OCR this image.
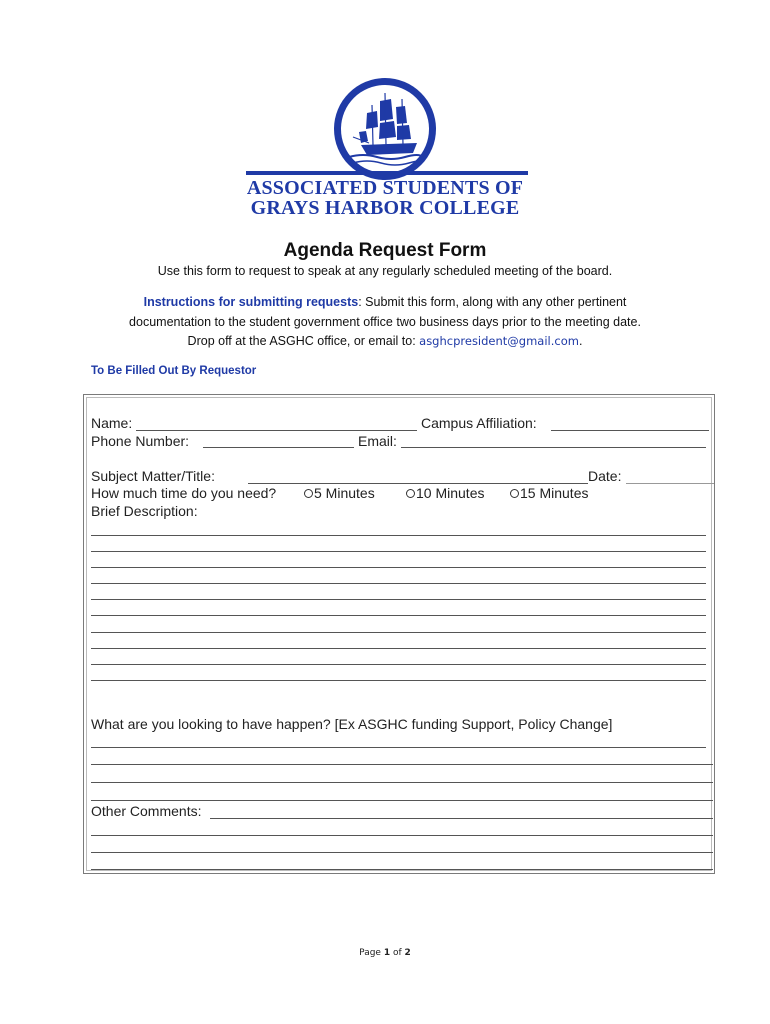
ASSOCIATED STUDENTS OF
GRAYS HARBOR COLLEGE
Agenda Request Form
Use this form to request to speak at any regularly scheduled meeting of the board.
Instructions for submitting requests: Submit this form, along with any other pertinent
documentation to the student government office two business days prior to the meeting date.
Drop off at the ASGHC office, or email to: asghcpresident@gmail.com.
To Be Filled Out By Requestor
Name:	Campus Affiliation:
Phone Number:	Email:
Subject Matter/Title:	Date:
How much time do you need?	5 Minutes	10 Minutes	15 Minutes
Brief Description:
What are you looking to have happen? [Ex ASGHC funding Support, Policy Change]
Other Comments:
Page 1 of 2
